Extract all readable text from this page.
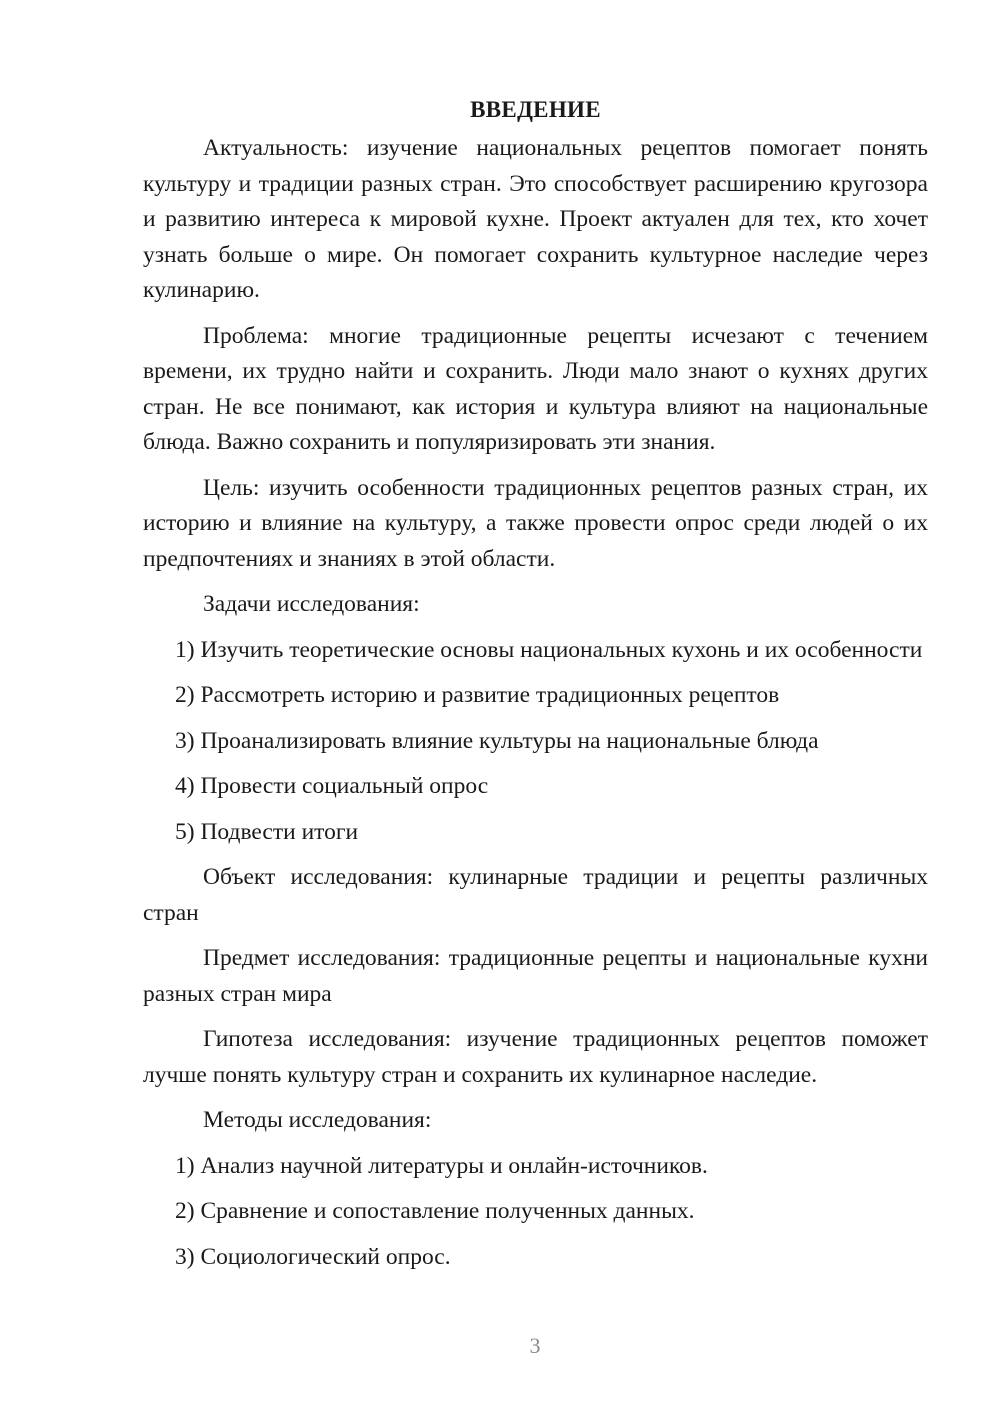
ВВЕДЕНИЕ

Актуальность: изучение национальных рецептов помогает понять культуру и традиции разных стран. Это способствует расширению кругозора и развитию интереса к мировой кухне. Проект актуален для тех, кто хочет узнать больше о мире. Он помогает сохранить культурное наследие через кулинарию.

Проблема: многие традиционные рецепты исчезают с течением времени, их трудно найти и сохранить. Люди мало знают о кухнях других стран. Не все понимают, как история и культура влияют на национальные блюда. Важно сохранить и популяризировать эти знания.

Цель: изучить особенности традиционных рецептов разных стран, их историю и влияние на культуру, а также провести опрос среди людей о их предпочтениях и знаниях в этой области.

Задачи исследования:
1) Изучить теоретические основы национальных кухонь и их особенности
2) Рассмотреть историю и развитие традиционных рецептов
3) Проанализировать влияние культуры на национальные блюда
4) Провести социальный опрос
5) Подвести итоги

Объект исследования: кулинарные традиции и рецепты различных стран

Предмет исследования: традиционные рецепты и национальные кухни разных стран мира

Гипотеза исследования: изучение традиционных рецептов поможет лучше понять культуру стран и сохранить их кулинарное наследие.

Методы исследования:
1) Анализ научной литературы и онлайн-источников.
2) Сравнение и сопоставление полученных данных.
3) Социологический опрос.
3
